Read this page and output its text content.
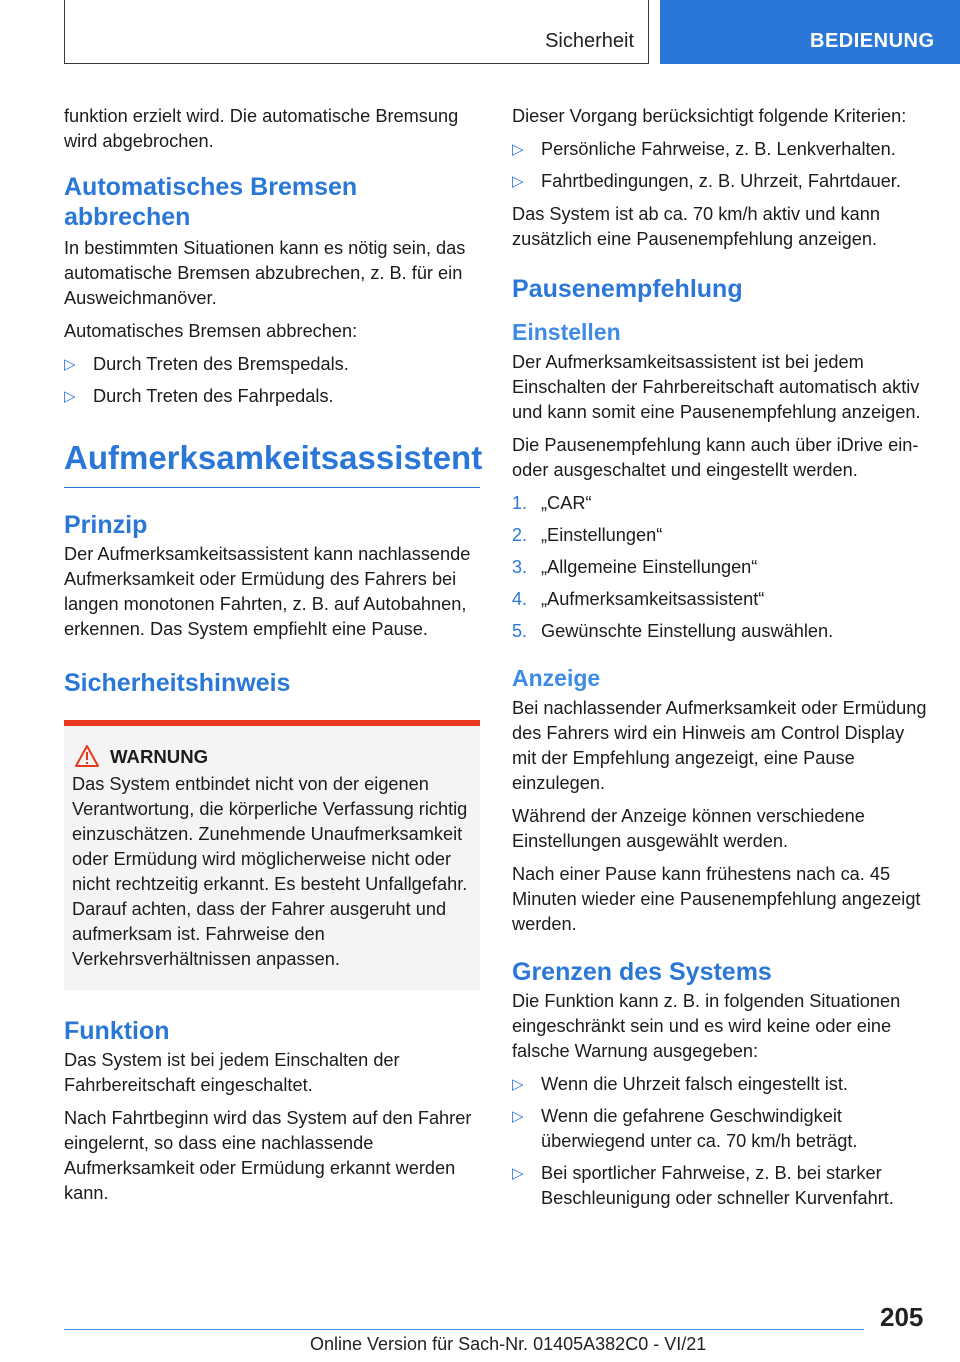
Sicherheit	BEDIENUNG

funktion erzielt wird. Die automatische Bremsung wird abgebrochen.

Automatisches Bremsen abbrechen

In bestimmten Situationen kann es nötig sein, das automatische Bremsen abzubrechen, z. B. für ein Ausweichmanöver.

Automatisches Bremsen abbrechen:

▷ Durch Treten des Bremspedals.
▷ Durch Treten des Fahrpedals.
Aufmerksamkeitsassistent
Prinzip

Der Aufmerksamkeitsassistent kann nachlassende Aufmerksamkeit oder Ermüdung des Fahrers bei langen monotonen Fahrten, z. B. auf Autobahnen, erkennen. Das System empfiehlt eine Pause.

Sicherheitshinweis
WARNUNG

Das System entbindet nicht von der eigenen Verantwortung, die körperliche Verfassung richtig einzuschätzen. Zunehmende Unaufmerksamkeit oder Ermüdung wird möglicherweise nicht oder nicht rechtzeitig erkannt. Es besteht Unfallgefahr. Darauf achten, dass der Fahrer ausgeruht und aufmerksam ist. Fahrweise den Verkehrsverhältnissen anpassen.

Funktion

Das System ist bei jedem Einschalten der Fahrbereitschaft eingeschaltet.

Nach Fahrtbeginn wird das System auf den Fahrer eingelernt, so dass eine nachlassende Aufmerksamkeit oder Ermüdung erkannt werden kann.

Dieser Vorgang berücksichtigt folgende Kriterien:

▷ Persönliche Fahrweise, z. B. Lenkverhalten.
▷ Fahrtbedingungen, z. B. Uhrzeit, Fahrtdauer.

Das System ist ab ca. 70 km/h aktiv und kann zusätzlich eine Pausenempfehlung anzeigen.

Pausenempfehlung
Einstellen

Der Aufmerksamkeitsassistent ist bei jedem Einschalten der Fahrbereitschaft automatisch aktiv und kann somit eine Pausenempfehlung anzeigen.

Die Pausenempfehlung kann auch über iDrive ein- oder ausgeschaltet und eingestellt werden.

1. „CAR“
2. „Einstellungen“
3. „Allgemeine Einstellungen“
4. „Aufmerksamkeitsassistent“
5. Gewünschte Einstellung auswählen.
Anzeige

Bei nachlassender Aufmerksamkeit oder Ermüdung des Fahrers wird ein Hinweis am Control Display mit der Empfehlung angezeigt, eine Pause einzulegen.

Während der Anzeige können verschiedene Einstellungen ausgewählt werden.

Nach einer Pause kann frühestens nach ca. 45 Minuten wieder eine Pausenempfehlung angezeigt werden.

Grenzen des Systems

Die Funktion kann z. B. in folgenden Situationen eingeschränkt sein und es wird keine oder eine falsche Warnung ausgegeben:

▷ Wenn die Uhrzeit falsch eingestellt ist.
▷ Wenn die gefahrene Geschwindigkeit überwiegend unter ca. 70 km/h beträgt.
▷ Bei sportlicher Fahrweise, z. B. bei starker Beschleunigung oder schneller Kurvenfahrt.
205
Online Version für Sach-Nr. 01405A382C0 - VI/21
